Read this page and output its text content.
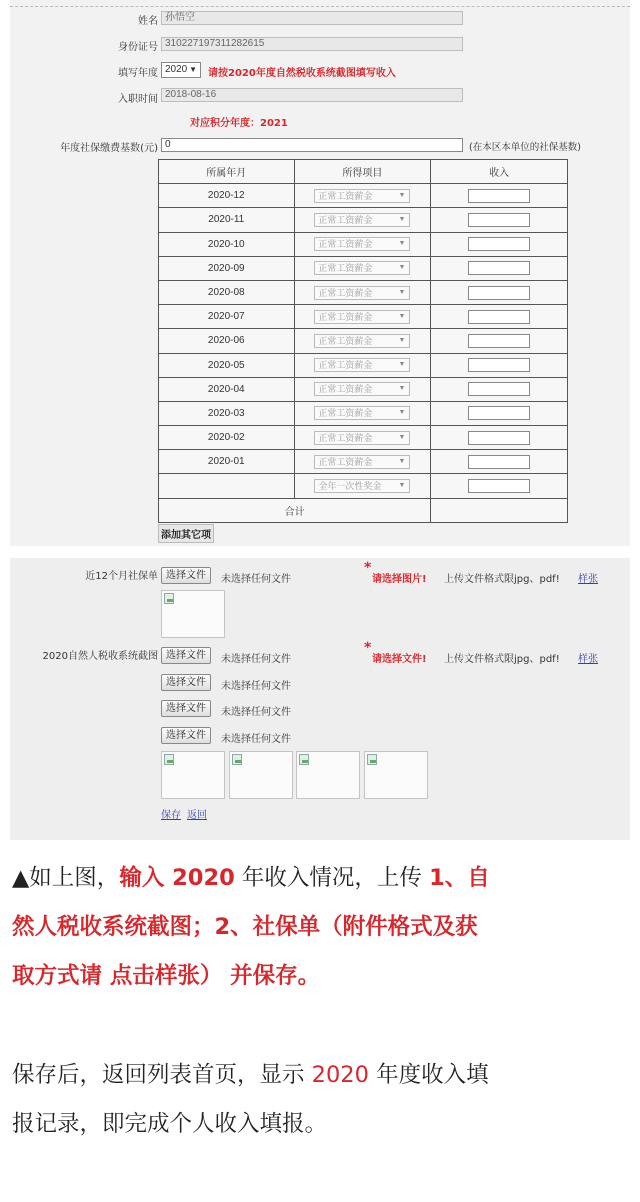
姓名 孙悟空
身份证号 310227197311282615
填写年度 2020 ▼ 请按2020年度自然税收系统截图填写收入
入职时间 2018-08-16
对应积分年度：2021
年度社保缴费基数(元) 0	(在本区本单位的社保基数)
所属年月	所得项目	收入
2020-12	正常工资薪金 ▼	

2020-11	正常工资薪金 ▼	

2020-10	正常工资薪金 ▼	

2020-09	正常工资薪金 ▼	

2020-08	正常工资薪金 ▼	

2020-07	正常工资薪金 ▼	

2020-06	正常工资薪金 ▼	

2020-05	正常工资薪金 ▼	

2020-04	正常工资薪金 ▼	

2020-03	正常工资薪金 ▼	

2020-02	正常工资薪金 ▼	

2020-01	正常工资薪金 ▼	

	全年一次性奖金 ▼	

合计		
添加其它项
近12个月社保单 选择文件	未选择任何文件
*
请选择图片! 上传文件格式限jpg、pdf! 样张
2020自然人税收系统截图 选择文件	未选择任何文件
*
请选择文件! 上传文件格式限jpg、pdf! 样张
选择文件	未选择任何文件
选择文件	未选择任何文件
选择文件	未选择任何文件
保存 返回
▲如上图，输入 2020 年收入情况，上传 1、自
然人税收系统截图；2、社保单（附件格式及获
取方式请 点击样张） 并保存。
保存后，返回列表首页，显示 2020 年度收入填
报记录，即完成个人收入填报。
